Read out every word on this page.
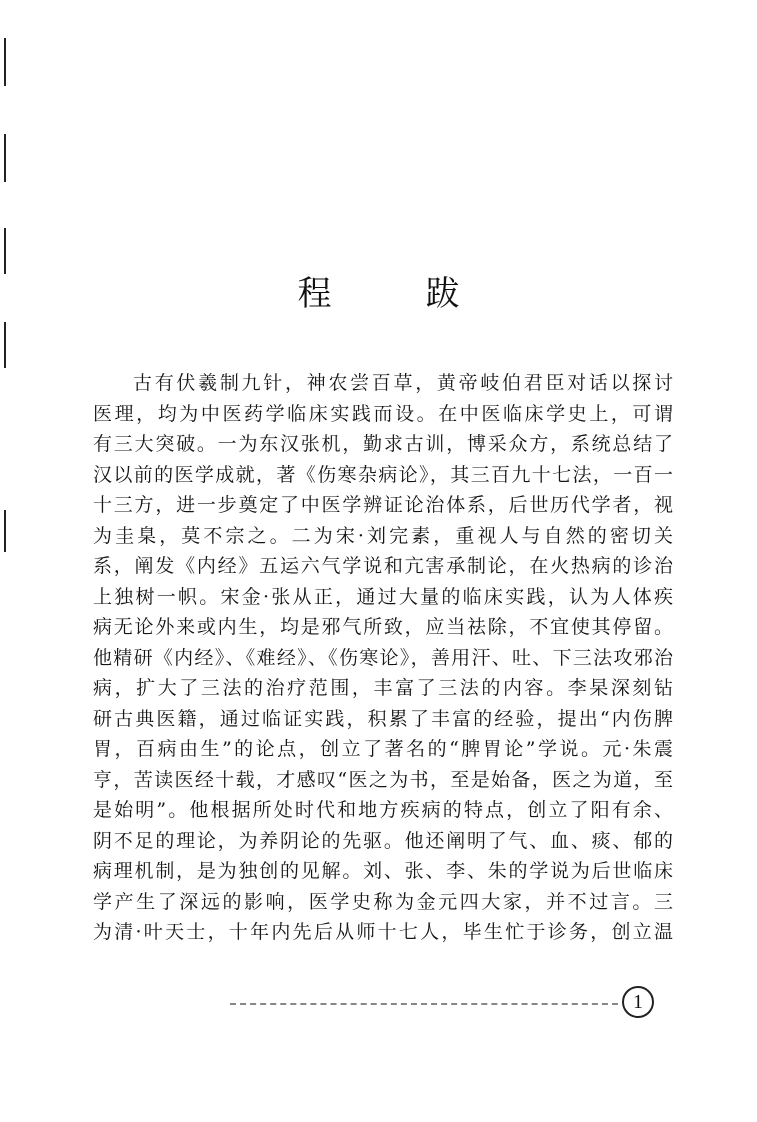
程　跋
古有伏羲制九针，神农尝百草，黄帝岐伯君臣对话以探讨
医理，均为中医药学临床实践而设。在中医临床学史上，可谓
有三大突破。一为东汉张机，勤求古训，博采众方，系统总结了
汉以前的医学成就，著《伤寒杂病论》，其三百九十七法，一百一
十三方，进一步奠定了中医学辨证论治体系，后世历代学者，视
为圭臬，莫不宗之。二为宋·刘完素，重视人与自然的密切关
系，阐发《内经》五运六气学说和亢害承制论，在火热病的诊治
上独树一帜。宋金·张从正，通过大量的临床实践，认为人体疾
病无论外来或内生，均是邪气所致，应当祛除，不宜使其停留。
他精研《内经》、《难经》、《伤寒论》，善用汗、吐、下三法攻邪治
病，扩大了三法的治疗范围，丰富了三法的内容。李杲深刻钻
研古典医籍，通过临证实践，积累了丰富的经验，提出“内伤脾
胃，百病由生”的论点，创立了著名的“脾胃论”学说。元·朱震
亨，苦读医经十载，才感叹“医之为书，至是始备，医之为道，至
是始明”。他根据所处时代和地方疾病的特点，创立了阳有余、
阴不足的理论，为养阴论的先驱。他还阐明了气、血、痰、郁的
病理机制，是为独创的见解。刘、张、李、朱的学说为后世临床
学产生了深远的影响，医学史称为金元四大家，并不过言。三
为清·叶天士，十年内先后从师十七人，毕生忙于诊务，创立温
1
